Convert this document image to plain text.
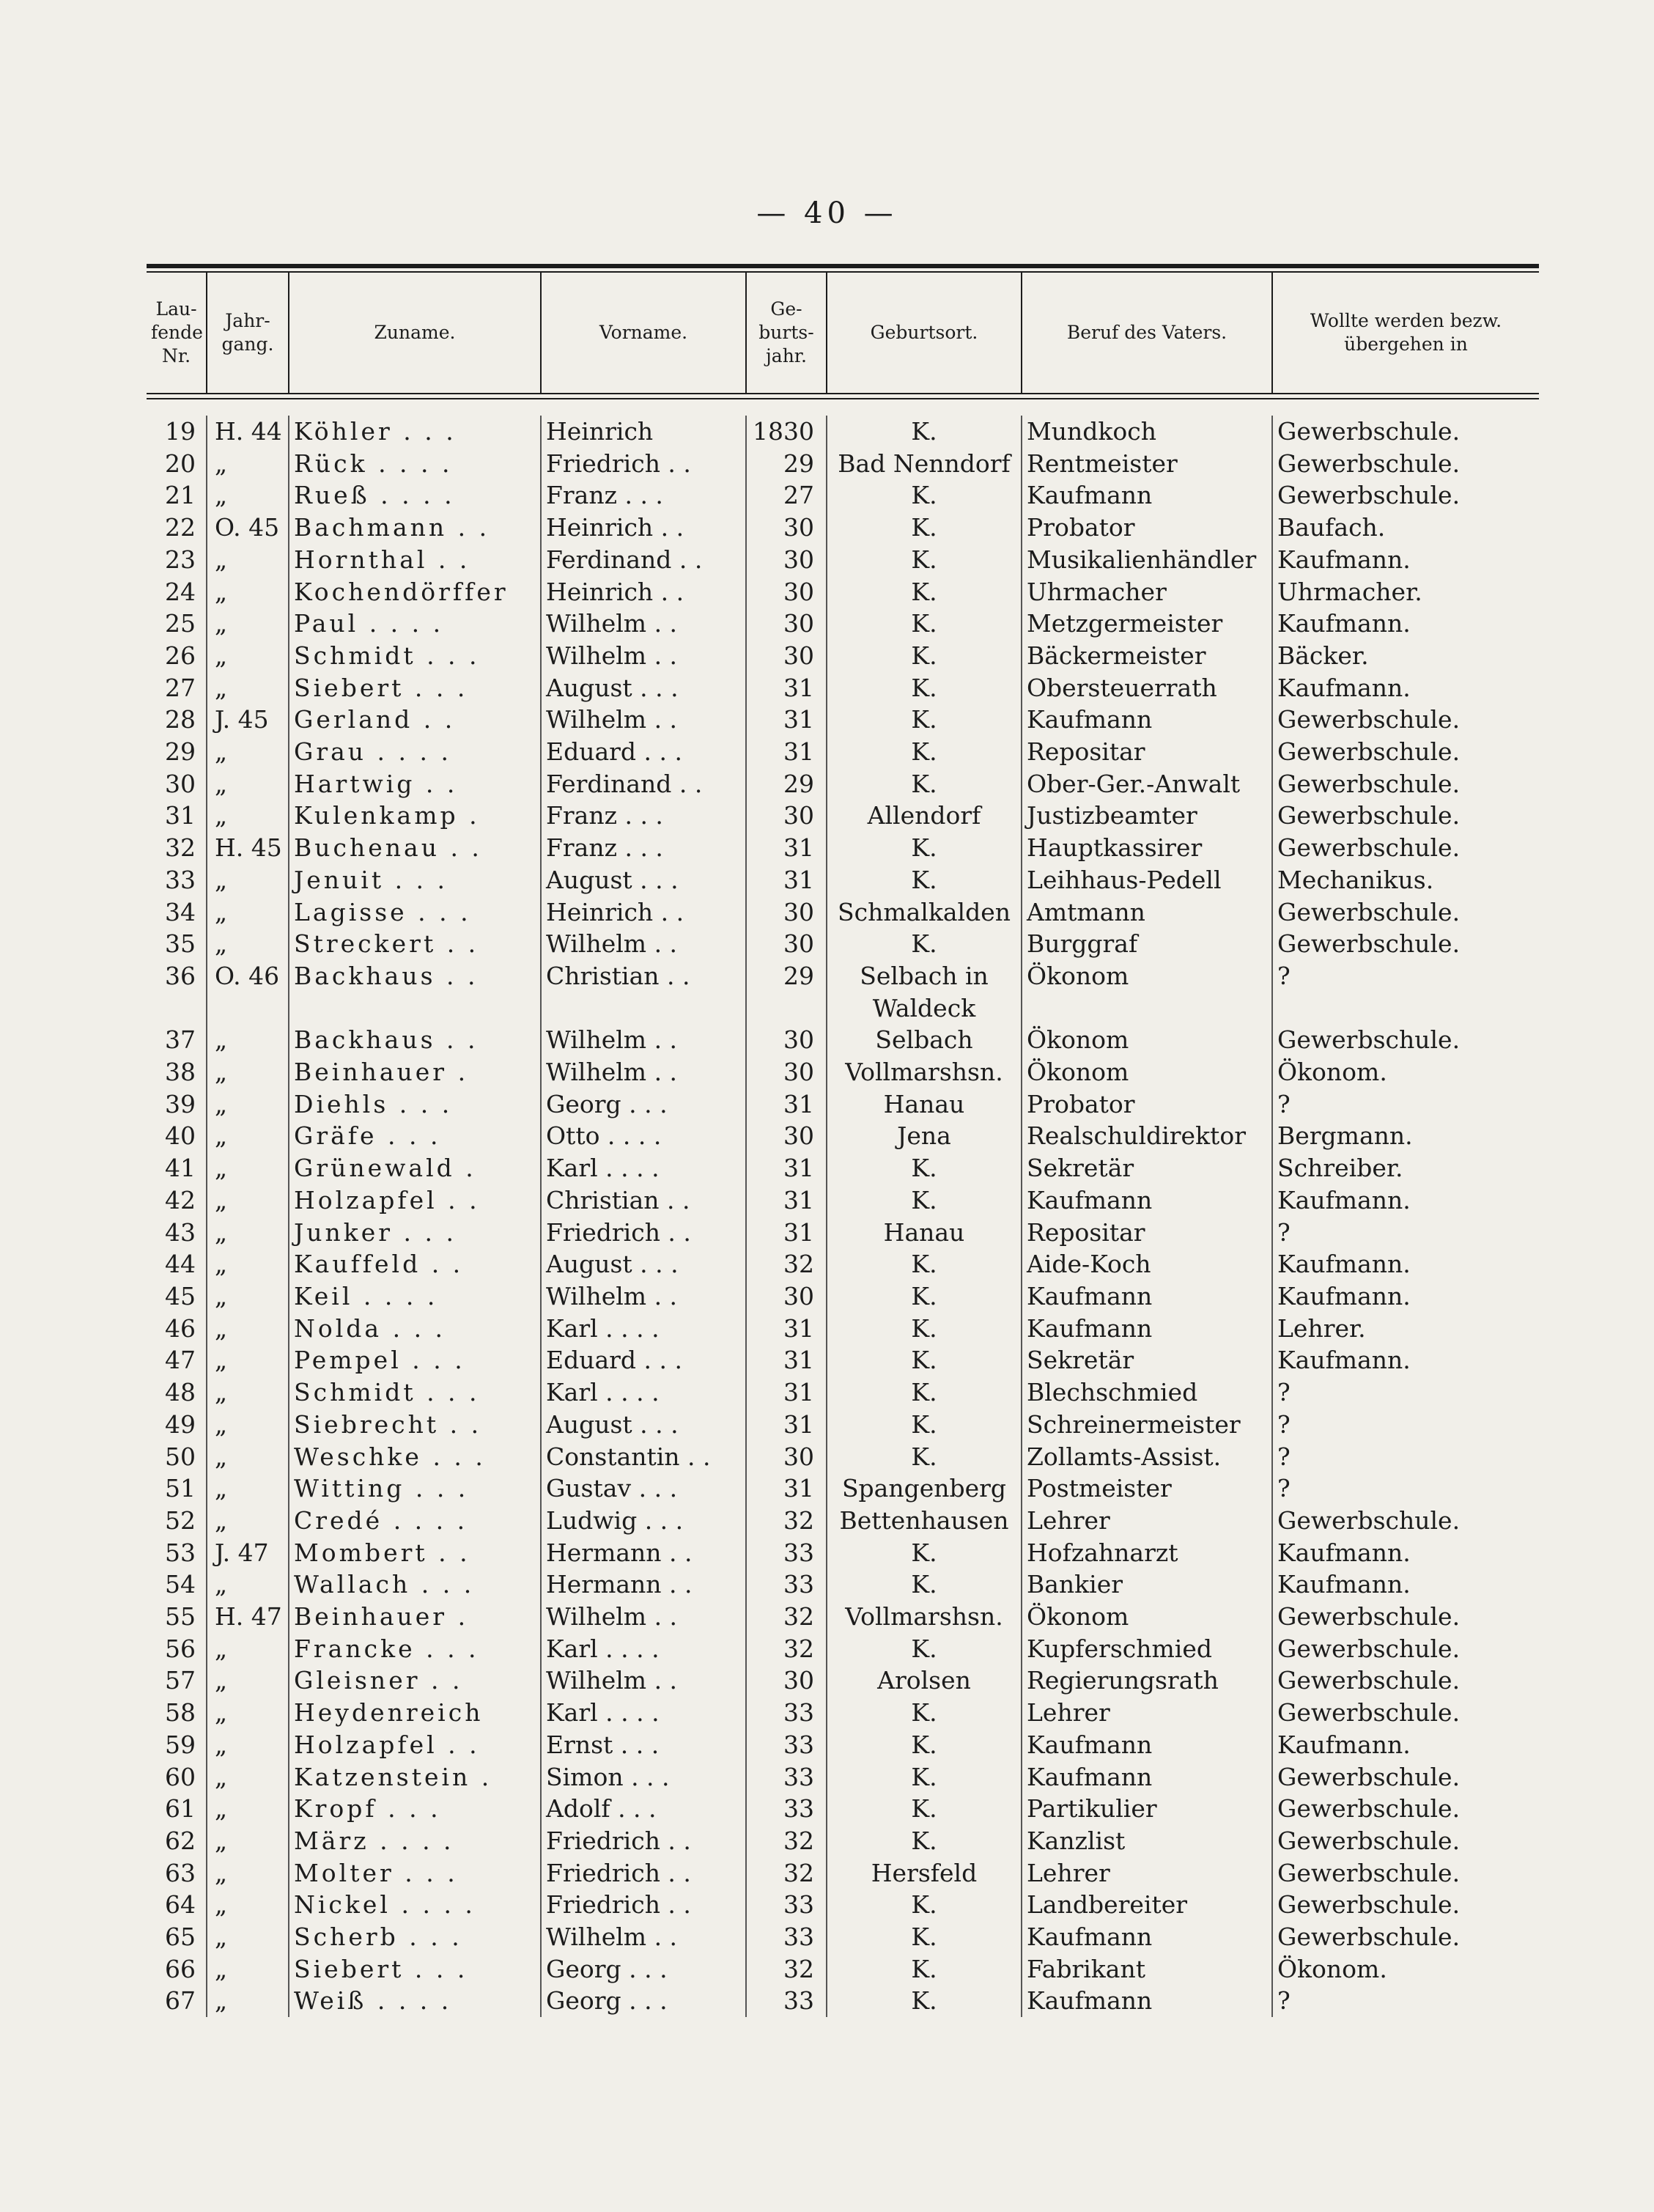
— 40 —
Lau-fende Nr.	Jahr-gang.	Zuname.	Vorname.	Ge-burts-jahr.	Geburtsort.	Beruf des Vaters.	Wollte werden bezw. übergehen in
19	H. 44	Köhler . . .	Heinrich	1830	K.	Mundkoch	Gewerbschule.
20	„	Rück . . . .	Friedrich . .	29	Bad Nenndorf	Rentmeister	Gewerbschule.
21	„	Rueß . . . .	Franz . . .	27	K.	Kaufmann	Gewerbschule.
22	O. 45	Bachmann . .	Heinrich . .	30	K.	Probator	Baufach.
23	„	Hornthal . .	Ferdinand . .	30	K.	Musikalienhändler	Kaufmann.
24	„	Kochendörffer	Heinrich . .	30	K.	Uhrmacher	Uhrmacher.
25	„	Paul . . . .	Wilhelm . .	30	K.	Metzgermeister	Kaufmann.
26	„	Schmidt . . .	Wilhelm . .	30	K.	Bäckermeister	Bäcker.
27	„	Siebert . . .	August . . .	31	K.	Obersteuerrath	Kaufmann.
28	J. 45	Gerland . .	Wilhelm . .	31	K.	Kaufmann	Gewerbschule.
29	„	Grau . . . .	Eduard . . .	31	K.	Repositar	Gewerbschule.
30	„	Hartwig . .	Ferdinand . .	29	K.	Ober-Ger.-Anwalt	Gewerbschule.
31	„	Kulenkamp .	Franz . . .	30	Allendorf	Justizbeamter	Gewerbschule.
32	H. 45	Buchenau . .	Franz . . .	31	K.	Hauptkassirer	Gewerbschule.
33	„	Jenuit . . .	August . . .	31	K.	Leihhaus-Pedell	Mechanikus.
34	„	Lagisse . . .	Heinrich . .	30	Schmalkalden	Amtmann	Gewerbschule.
35	„	Streckert . .	Wilhelm . .	30	K.	Burggraf	Gewerbschule.
36	O. 46	Backhaus . .	Christian . .	29	Selbach in	Ökonom	?
					Waldeck		
37	„	Backhaus . .	Wilhelm . .	30	Selbach	Ökonom	Gewerbschule.
38	„	Beinhauer .	Wilhelm . .	30	Vollmarshsn.	Ökonom	Ökonom.
39	„	Diehls . . .	Georg . . .	31	Hanau	Probator	?
40	„	Gräfe . . .	Otto . . . .	30	Jena	Realschuldirektor	Bergmann.
41	„	Grünewald .	Karl . . . .	31	K.	Sekretär	Schreiber.
42	„	Holzapfel . .	Christian . .	31	K.	Kaufmann	Kaufmann.
43	„	Junker . . .	Friedrich . .	31	Hanau	Repositar	?
44	„	Kauffeld . .	August . . .	32	K.	Aide-Koch	Kaufmann.
45	„	Keil . . . .	Wilhelm . .	30	K.	Kaufmann	Kaufmann.
46	„	Nolda . . .	Karl . . . .	31	K.	Kaufmann	Lehrer.
47	„	Pempel . . .	Eduard . . .	31	K.	Sekretär	Kaufmann.
48	„	Schmidt . . .	Karl . . . .	31	K.	Blechschmied	?
49	„	Siebrecht . .	August . . .	31	K.	Schreinermeister	?
50	„	Weschke . . .	Constantin . .	30	K.	Zollamts-Assist.	?
51	„	Witting . . .	Gustav . . .	31	Spangenberg	Postmeister	?
52	„	Credé . . . .	Ludwig . . .	32	Bettenhausen	Lehrer	Gewerbschule.
53	J. 47	Mombert . .	Hermann . .	33	K.	Hofzahnarzt	Kaufmann.
54	„	Wallach . . .	Hermann . .	33	K.	Bankier	Kaufmann.
55	H. 47	Beinhauer .	Wilhelm . .	32	Vollmarshsn.	Ökonom	Gewerbschule.
56	„	Francke . . .	Karl . . . .	32	K.	Kupferschmied	Gewerbschule.
57	„	Gleisner . .	Wilhelm . .	30	Arolsen	Regierungsrath	Gewerbschule.
58	„	Heydenreich	Karl . . . .	33	K.	Lehrer	Gewerbschule.
59	„	Holzapfel . .	Ernst . . .	33	K.	Kaufmann	Kaufmann.
60	„	Katzenstein .	Simon . . .	33	K.	Kaufmann	Gewerbschule.
61	„	Kropf . . .	Adolf . . .	33	K.	Partikulier	Gewerbschule.
62	„	März . . . .	Friedrich . .	32	K.	Kanzlist	Gewerbschule.
63	„	Molter . . .	Friedrich . .	32	Hersfeld	Lehrer	Gewerbschule.
64	„	Nickel . . . .	Friedrich . .	33	K.	Landbereiter	Gewerbschule.
65	„	Scherb . . .	Wilhelm . .	33	K.	Kaufmann	Gewerbschule.
66	„	Siebert . . .	Georg . . .	32	K.	Fabrikant	Ökonom.
67	„	Weiß . . . .	Georg . . .	33	K.	Kaufmann	?
